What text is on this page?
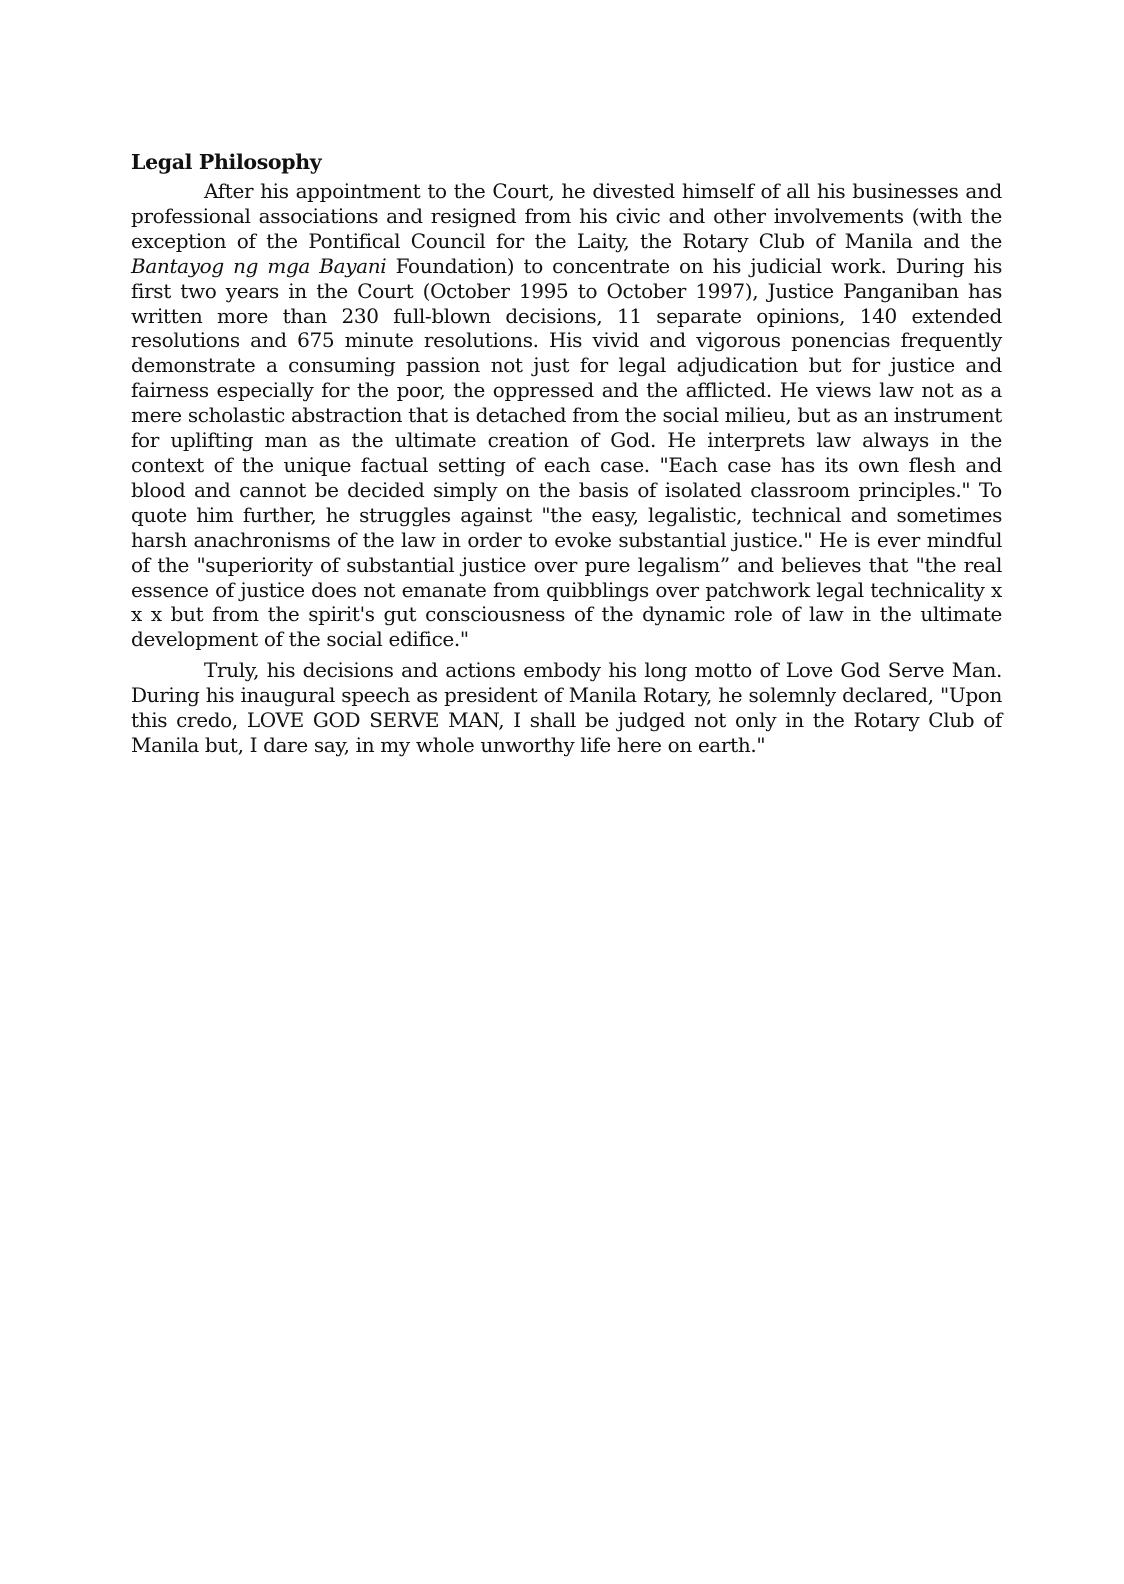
Legal Philosophy

After his appointment to the Court, he divested himself of all his businesses and professional associations and resigned from his civic and other involvements (with the exception of the Pontifical Council for the Laity, the Rotary Club of Manila and the Bantayog ng mga Bayani Foundation) to concentrate on his judicial work. During his first two years in the Court (October 1995 to October 1997), Justice Panganiban has written more than 230 full-blown decisions, 11 separate opinions, 140 extended resolutions and 675 minute resolutions. His vivid and vigorous ponencias frequently demonstrate a consuming passion not just for legal adjudication but for justice and fairness especially for the poor, the oppressed and the afflicted. He views law not as a mere scholastic abstraction that is detached from the social milieu, but as an instrument for uplifting man as the ultimate creation of God. He interprets law always in the context of the unique factual setting of each case. "Each case has its own flesh and blood and cannot be decided simply on the basis of isolated classroom principles." To quote him further, he struggles against "the easy, legalistic, technical and sometimes harsh anachronisms of the law in order to evoke substantial justice." He is ever mindful of the "superiority of substantial justice over pure legalism” and believes that "the real essence of justice does not emanate from quibblings over patchwork legal technicality x x x but from the spirit's gut consciousness of the dynamic role of law in the ultimate development of the social edifice."

Truly, his decisions and actions embody his long motto of Love God Serve Man. During his inaugural speech as president of Manila Rotary, he solemnly declared, "Upon this credo, LOVE GOD SERVE MAN, I shall be judged not only in the Rotary Club of Manila but, I dare say, in my whole unworthy life here on earth."
